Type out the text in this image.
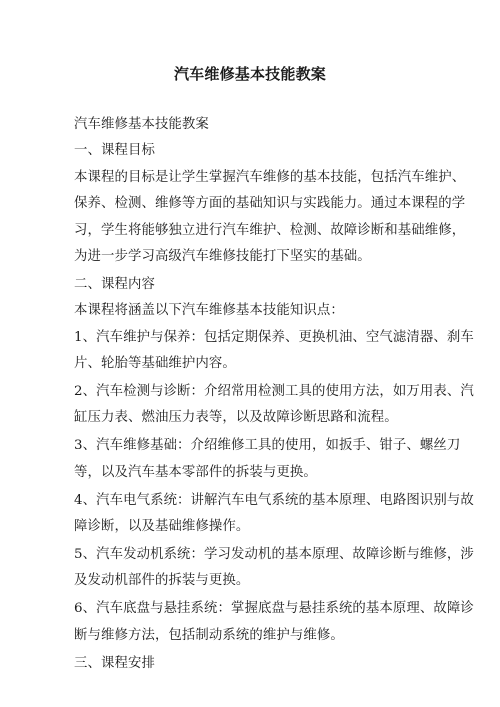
汽车维修基本技能教案

汽车维修基本技能教案

一、课程目标

本课程的目标是让学生掌握汽车维修的基本技能，包括汽车维护、

保养、检测、维修等方面的基础知识与实践能力。通过本课程的学

习，学生将能够独立进行汽车维护、检测、故障诊断和基础维修，

为进一步学习高级汽车维修技能打下坚实的基础。

二、课程内容

本课程将涵盖以下汽车维修基本技能知识点：

1、汽车维护与保养：包括定期保养、更换机油、空气滤清器、刹车

片、轮胎等基础维护内容。

2、汽车检测与诊断：介绍常用检测工具的使用方法，如万用表、汽

缸压力表、燃油压力表等，以及故障诊断思路和流程。

3、汽车维修基础：介绍维修工具的使用，如扳手、钳子、螺丝刀

等，以及汽车基本零部件的拆装与更换。

4、汽车电气系统：讲解汽车电气系统的基本原理、电路图识别与故

障诊断，以及基础维修操作。

5、汽车发动机系统：学习发动机的基本原理、故障诊断与维修，涉

及发动机部件的拆装与更换。

6、汽车底盘与悬挂系统：掌握底盘与悬挂系统的基本原理、故障诊

断与维修方法，包括制动系统的维护与维修。

三、课程安排
